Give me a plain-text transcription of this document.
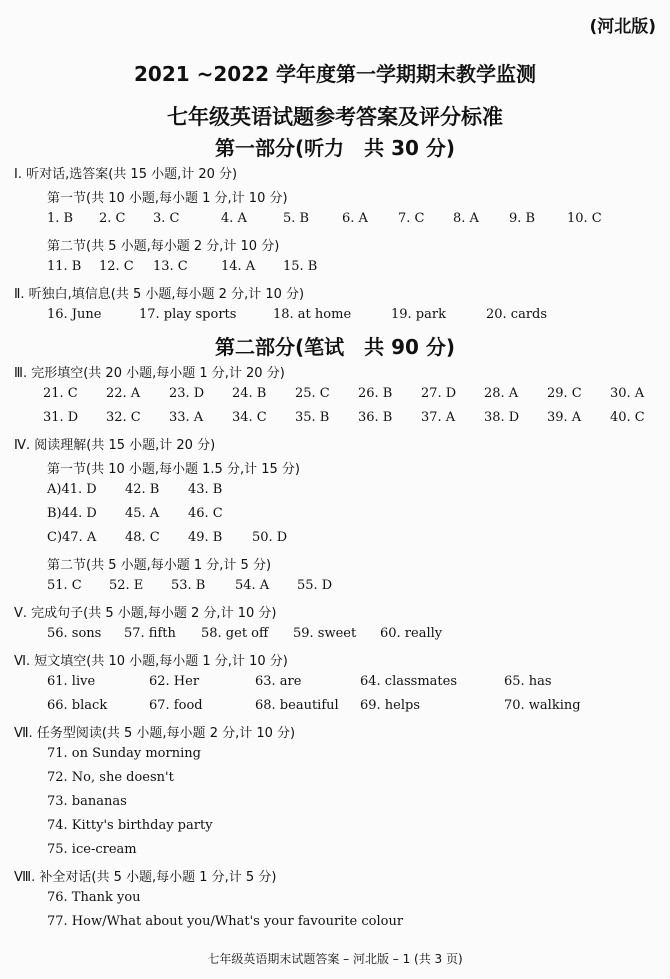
(河北版)
2021 ~2022 学年度第一学期期末教学监测
七年级英语试题参考答案及评分标准
第一部分(听力　共 30 分)
Ⅰ. 听对话,选答案(共 15 小题,计 20 分)
第一节(共 10 小题,每小题 1 分,计 10 分)
1. B 2. C 3. C	4. A	5. B	6. A 7. C 8. A 9. B 10. C
第二节(共 5 小题,每小题 2 分,计 10 分)
11. B 12. C 13. C	14. A 15. B
Ⅱ. 听独白,填信息(共 5 小题,每小题 2 分,计 10 分)
16. June	17. play sports	18. at home	19. park	20. cards
第二部分(笔试　共 90 分)
Ⅲ. 完形填空(共 20 小题,每小题 1 分,计 20 分)
21. C 22. A 23. D 24. B 25. C 26. B 27. D 28. A 29. C 30. A
31. D 32. C 33. A 34. C 35. B 36. B 37. A 38. D 39. A 40. C
Ⅳ. 阅读理解(共 15 小题,计 20 分)
第一节(共 10 小题,每小题 1.5 分,计 15 分)
A)41. D 42. B 43. B
B)44. D 45. A 46. C
C)47. A 48. C 49. B 50. D
第二节(共 5 小题,每小题 1 分,计 5 分)
51. C 52. E 53. B 54. A 55. D
Ⅴ. 完成句子(共 5 小题,每小题 2 分,计 10 分)
56. sons 57. fifth 58. get off 59. sweet 60. really
Ⅵ. 短文填空(共 10 小题,每小题 1 分,计 10 分)
61. live	62. Her	63. are	64. classmates	65. has
66. black	67. food	68. beautiful 69. helps	70. walking
Ⅶ. 任务型阅读(共 5 小题,每小题 2 分,计 10 分)
71. on Sunday morning
72. No, she doesn't
73. bananas
74. Kitty's birthday party
75. ice-cream
Ⅷ. 补全对话(共 5 小题,每小题 1 分,计 5 分)
76. Thank you
77. How/What about you/What's your favourite colour
七年级英语期末试题答案 – 河北版 – 1 (共 3 页)
